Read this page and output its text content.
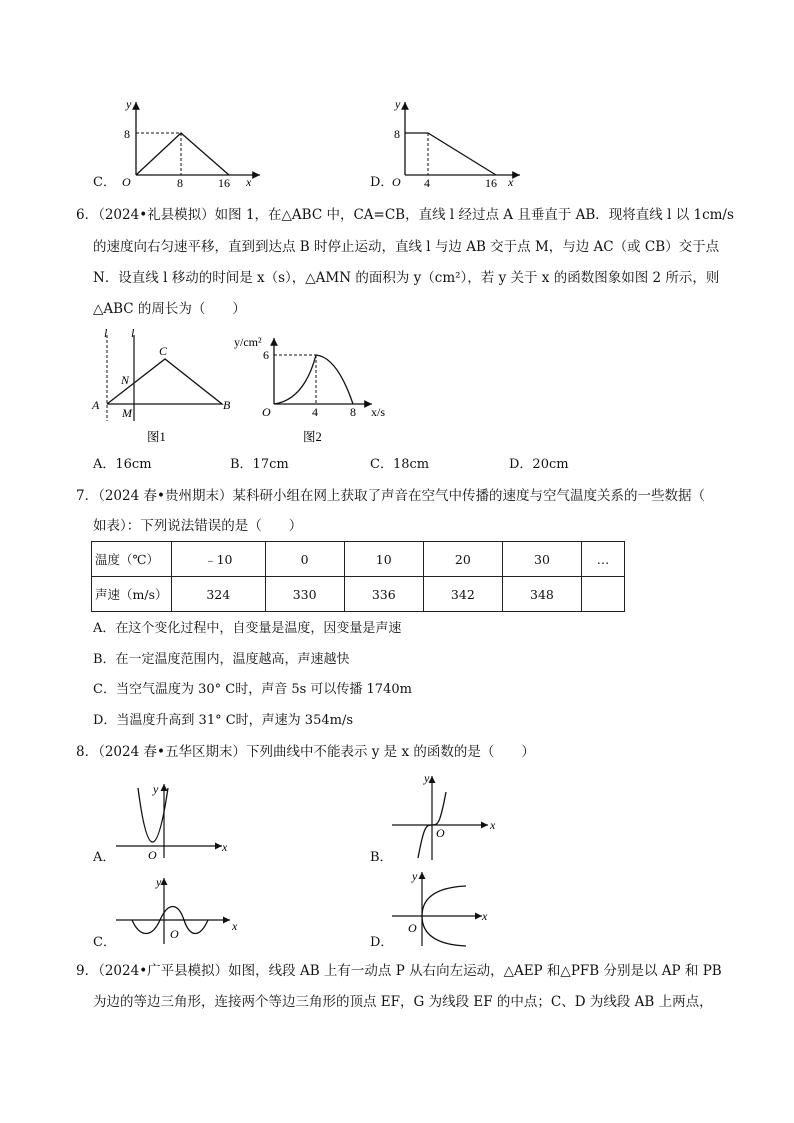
C．
y
x
O
8
8	16	D．
y
x
O
8
4	16
6．（2024•礼县模拟）如图 1，在△ABC 中，CA=CB，直线 l 经过点 A 且垂直于 AB．现将直线 l 以 1cm/s
的速度向右匀速平移，直到到达点 B 时停止运动，直线 l 与边 AB 交于点 M，与边 AC（或 CB）交于点
N．设直线 l 移动的时间是 x（s），△AMN 的面积为 y（cm²），若 y 关于 x 的函数图象如图 2 所示，则
△ABC 的周长为（　　）
l l
C
N
A	B
M
图1
y/cm²
x/s
O
6
4	8
图2
A．16cm	B．17cm	C．18cm	D．20cm
7．（2024 春•贵州期末）某科研小组在网上获取了声音在空气中传播的速度与空气温度关系的一些数据（
如表）：下列说法错误的是（　　）
温度（℃）	﹣10	0	10	20	30	…
声速（m/s）	324	330	336	342	348	
A．在这个变化过程中，自变量是温度，因变量是声速
B．在一定温度范围内，温度越高，声速越快
C．当空气温度为 30° C时，声音 5s 可以传播 1740m
D．当温度升高到 31° C时，声速为 354m/s
8．（2024 春•五华区期末）下列曲线中不能表示 y 是 x 的函数的是（　　）
A．
x
y
O	B．
x
y
O
C．
x
y
O
D．
x
y
O
9．（2024•广平县模拟）如图，线段 AB 上有一动点 P 从右向左运动，△AEP 和△PFB 分别是以 AP 和 PB
为边的等边三角形，连接两个等边三角形的顶点 EF，G 为线段 EF 的中点；C、D 为线段 AB 上两点，
